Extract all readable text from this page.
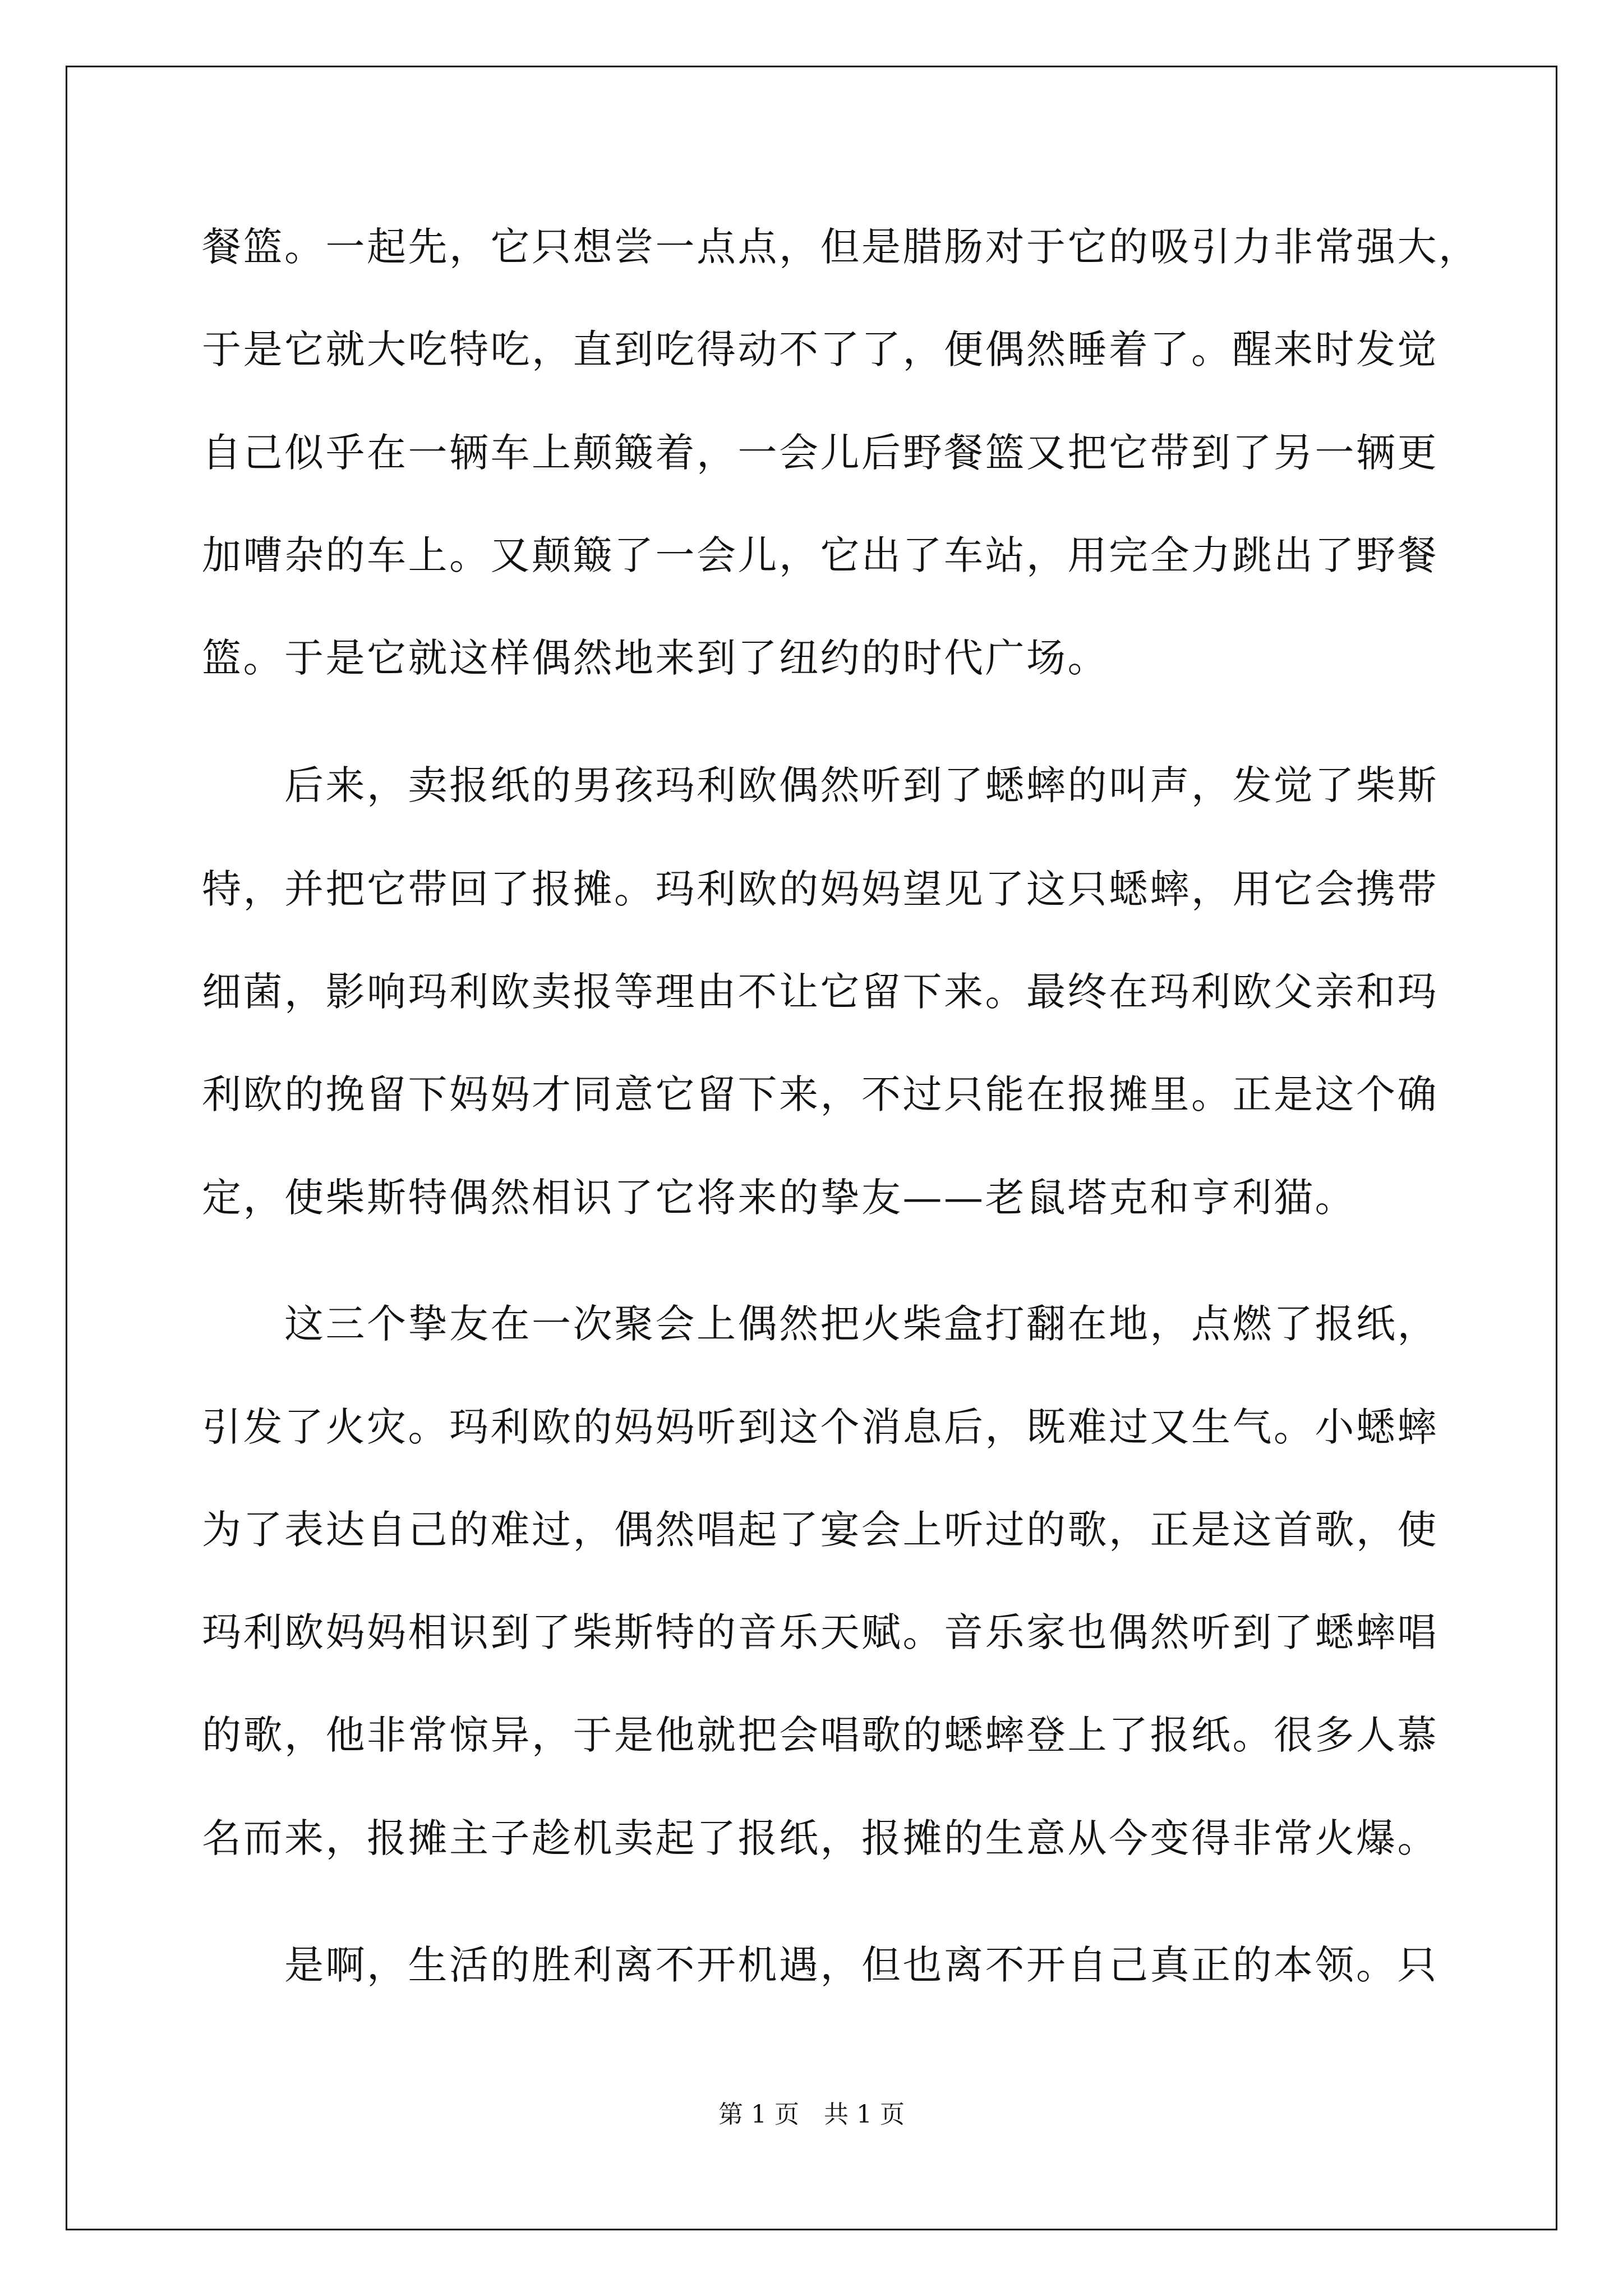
餐篮。一起先，它只想尝一点点，但是腊肠对于它的吸引力非常强大，
于是它就大吃特吃，直到吃得动不了了，便偶然睡着了。醒来时发觉
自己似乎在一辆车上颠簸着，一会儿后野餐篮又把它带到了另一辆更
加嘈杂的车上。又颠簸了一会儿，它出了车站，用完全力跳出了野餐
篮。于是它就这样偶然地来到了纽约的时代广场。
　　后来，卖报纸的男孩玛利欧偶然听到了蟋蟀的叫声，发觉了柴斯
特，并把它带回了报摊。玛利欧的妈妈望见了这只蟋蟀，用它会携带
细菌，影响玛利欧卖报等理由不让它留下来。最终在玛利欧父亲和玛
利欧的挽留下妈妈才同意它留下来，不过只能在报摊里。正是这个确
定，使柴斯特偶然相识了它将来的挚友——老鼠塔克和亨利猫。
　　这三个挚友在一次聚会上偶然把火柴盒打翻在地，点燃了报纸，
引发了火灾。玛利欧的妈妈听到这个消息后，既难过又生气。小蟋蟀
为了表达自己的难过，偶然唱起了宴会上听过的歌，正是这首歌，使
玛利欧妈妈相识到了柴斯特的音乐天赋。音乐家也偶然听到了蟋蟀唱
的歌，他非常惊异，于是他就把会唱歌的蟋蟀登上了报纸。很多人慕
名而来，报摊主子趁机卖起了报纸，报摊的生意从今变得非常火爆。
　　是啊，生活的胜利离不开机遇，但也离不开自己真正的本领。只
第 1 页　共 1 页
